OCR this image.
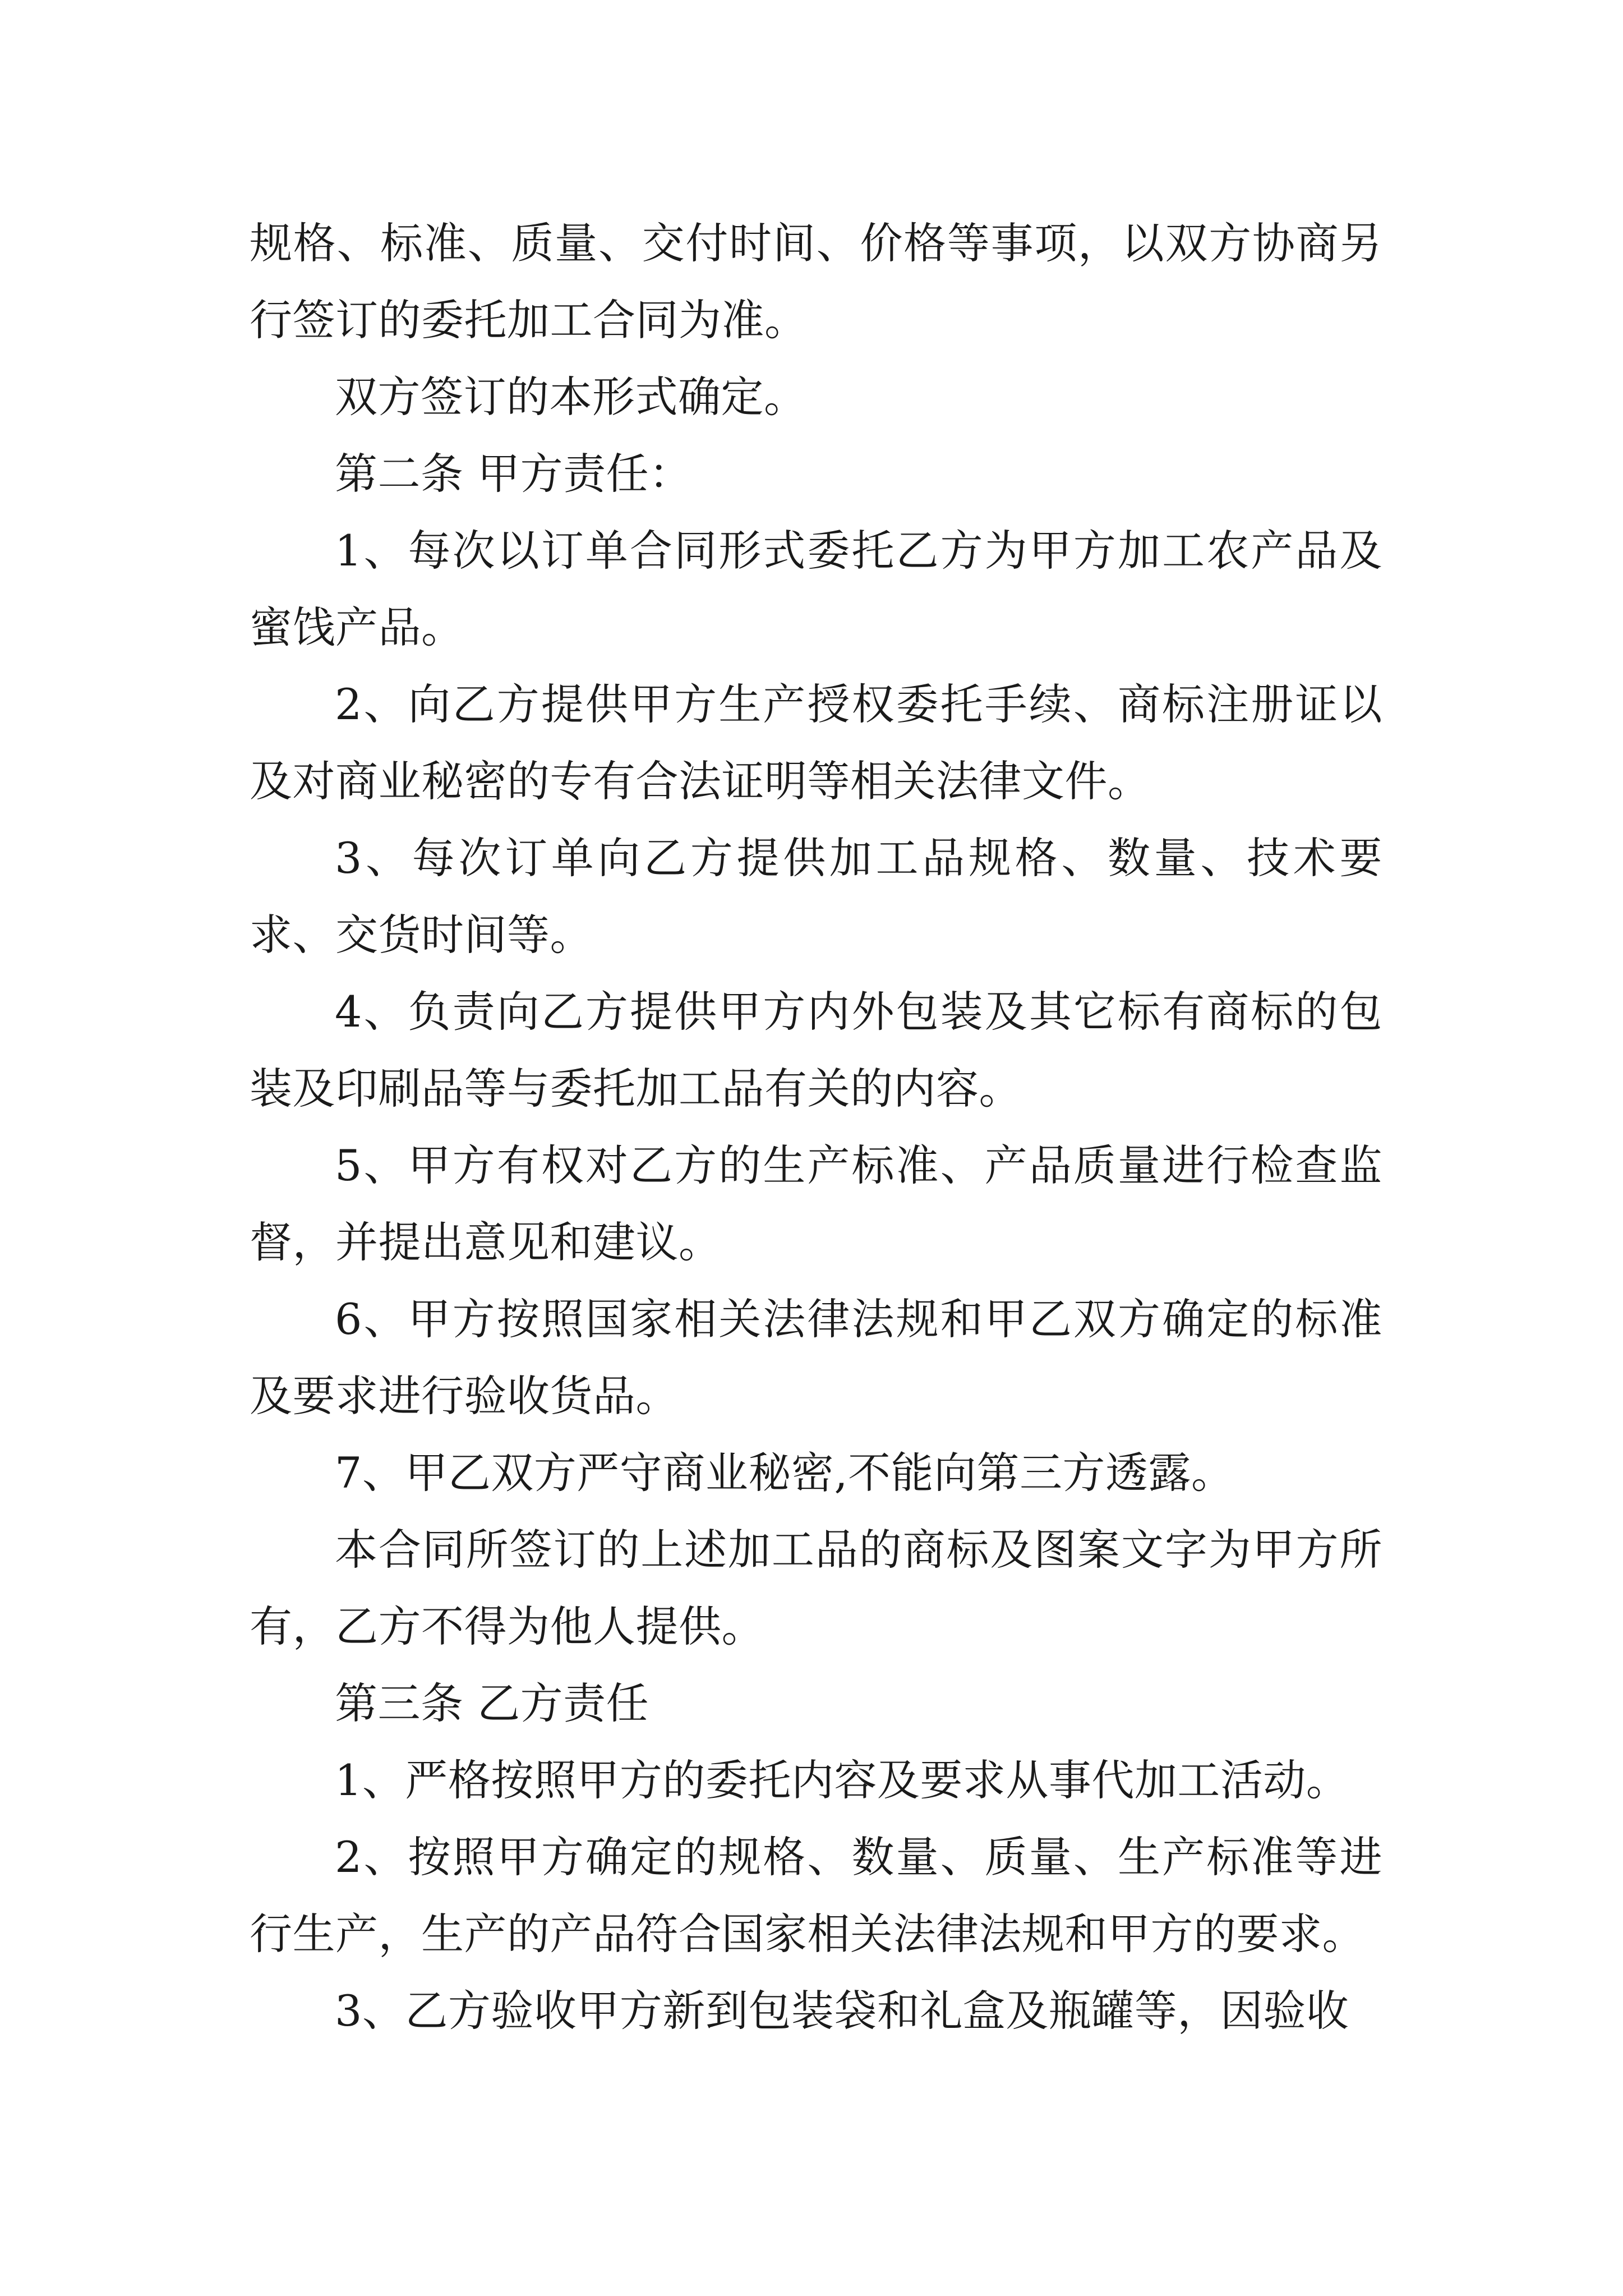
规格、标准、质量、交付时间、价格等事项，以双方协商另行签订的委托加工合同为准。

双方签订的本形式确定。

第二条 甲方责任：

1、每次以订单合同形式委托乙方为甲方加工农产品及蜜饯产品。

2、向乙方提供甲方生产授权委托手续、商标注册证以及对商业秘密的专有合法证明等相关法律文件。

3、每次订单向乙方提供加工品规格、数量、技术要求、交货时间等。

4、负责向乙方提供甲方内外包装及其它标有商标的包装及印刷品等与委托加工品有关的内容。

5、甲方有权对乙方的生产标准、产品质量进行检查监督，并提出意见和建议。

6、甲方按照国家相关法律法规和甲乙双方确定的标准及要求进行验收货品。

7、甲乙双方严守商业秘密,不能向第三方透露。

本合同所签订的上述加工品的商标及图案文字为甲方所有，乙方不得为他人提供。

第三条 乙方责任

1、严格按照甲方的委托内容及要求从事代加工活动。

2、按照甲方确定的规格、数量、质量、生产标准等进行生产，生产的产品符合国家相关法律法规和甲方的要求。

3、乙方验收甲方新到包装袋和礼盒及瓶罐等，因验收
